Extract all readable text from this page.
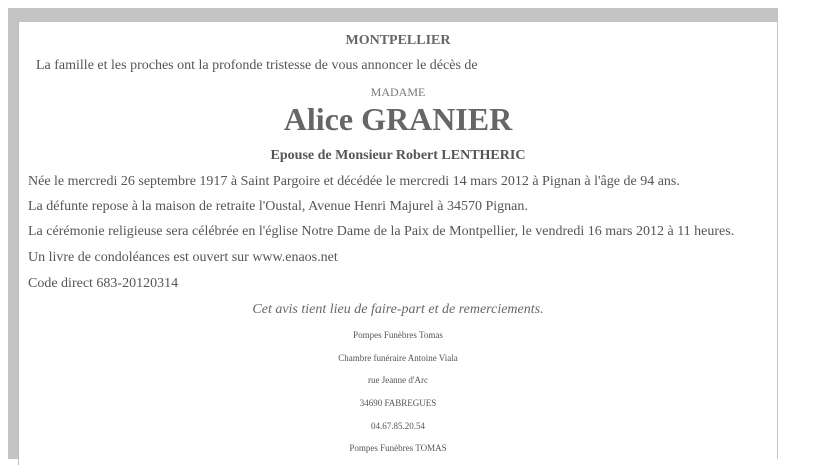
MONTPELLIER
La famille et les proches ont la profonde tristesse de vous annoncer le décès de
MADAME
Alice GRANIER
Epouse de Monsieur Robert LENTHERIC
Née le mercredi 26 septembre 1917 à Saint Pargoire et décédée le mercredi 14 mars 2012 à Pignan à l'âge de 94 ans.
La défunte repose à la maison de retraite l'Oustal, Avenue Henri Majurel à 34570 Pignan.
La cérémonie religieuse sera célébrée en l'église Notre Dame de la Paix de Montpellier, le vendredi 16 mars 2012 à 11 heures.
Un livre de condoléances est ouvert sur www.enaos.net
Code direct 683-20120314
Cet avis tient lieu de faire-part et de remerciements.
Pompes Funèbres Tomas
Chambre funéraire Antoine Viala
rue Jeanne d'Arc
34690 FABREGUES
04.67.85.20.54
Pompes Funèbres TOMAS
